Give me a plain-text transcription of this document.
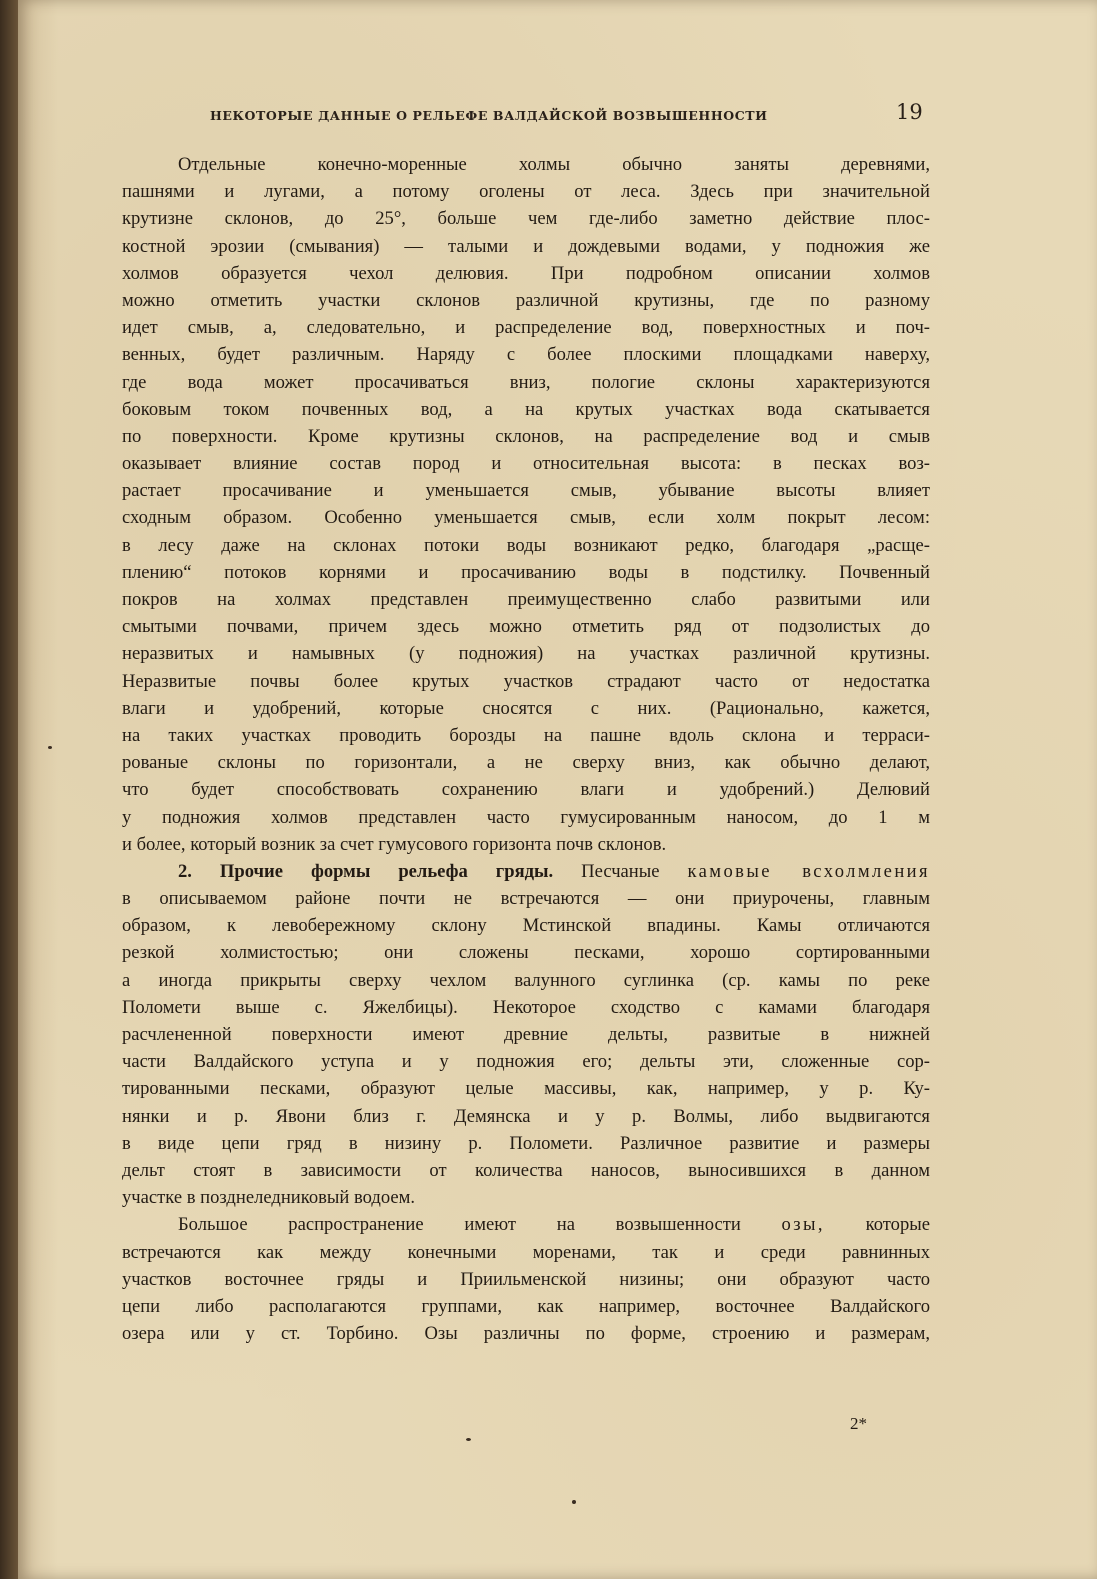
НЕКОТОРЫЕ ДАННЫЕ О РЕЛЬЕФЕ ВАЛДАЙСКОЙ ВОЗВЫШЕННОСТИ	19
Отдельные конечно-моренные холмы обычно заняты деревнями,
пашнями и лугами, а потому оголены от леса. Здесь при значительной
крутизне склонов, до 25°, больше чем где-либо заметно действие плос-
костной эрозии (смывания) — талыми и дождевыми водами, у подножия же
холмов образуется чехол делювия. При подробном описании холмов
можно отметить участки склонов различной крутизны, где по разному
идет смыв, а, следовательно, и распределение вод, поверхностных и поч-
венных, будет различным. Наряду с более плоскими площадками наверху,
где вода может просачиваться вниз, пологие склоны характеризуются
боковым током почвенных вод, а на крутых участках вода скатывается
по поверхности. Кроме крутизны склонов, на распределение вод и смыв
оказывает влияние состав пород и относительная высота: в песках воз-
растает просачивание и уменьшается смыв, убывание высоты влияет
сходным образом. Особенно уменьшается смыв, если холм покрыт лесом:
в лесу даже на склонах потоки воды возникают редко, благодаря „расще-
плению“ потоков корнями и просачиванию воды в подстилку. Почвенный
покров на холмах представлен преимущественно слабо развитыми или
смытыми почвами, причем здесь можно отметить ряд от подзолистых до
неразвитых и намывных (у подножия) на участках различной крутизны.
Неразвитые почвы более крутых участков страдают часто от недостатка
влаги и удобрений, которые сносятся с них. (Рационально, кажется,
на таких участках проводить борозды на пашне вдоль склона и терраси-
рованые склоны по горизонтали, а не сверху вниз, как обычно делают,
что будет способствовать сохранению влаги и удобрений.) Делювий
у подножия холмов представлен часто гумусированным наносом, до 1 м
и более, который возник за счет гумусового горизонта почв склонов.
2. Прочие формы рельефа гряды. Песчаные камовые всхолмления
в описываемом районе почти не встречаются — они приурочены, главным
образом, к левобережному склону Мстинской впадины. Камы отличаются
резкой холмистостью; они сложены песками, хорошо сортированными
а иногда прикрыты сверху чехлом валунного суглинка (ср. камы по реке
Поломети выше с. Яжелбицы). Некоторое сходство с камами благодаря
расчлененной поверхности имеют древние дельты, развитые в нижней
части Валдайского уступа и у подножия его; дельты эти, сложенные сор-
тированными песками, образуют целые массивы, как, например, у р. Ку-
нянки и р. Явони близ г. Демянска и у р. Волмы, либо выдвигаются
в виде цепи гряд в низину р. Поломети. Различное развитие и размеры
дельт стоят в зависимости от количества наносов, выносившихся в данном
участке в позднеледниковый водоем.
Большое распространение имеют на возвышенности озы, которые
встречаются как между конечными моренами, так и среди равнинных
участков восточнее гряды и Приильменской низины; они образуют часто
цепи либо располагаются группами, как например, восточнее Валдайского
озера или у ст. Торбино. Озы различны по форме, строению и размерам,
2*
